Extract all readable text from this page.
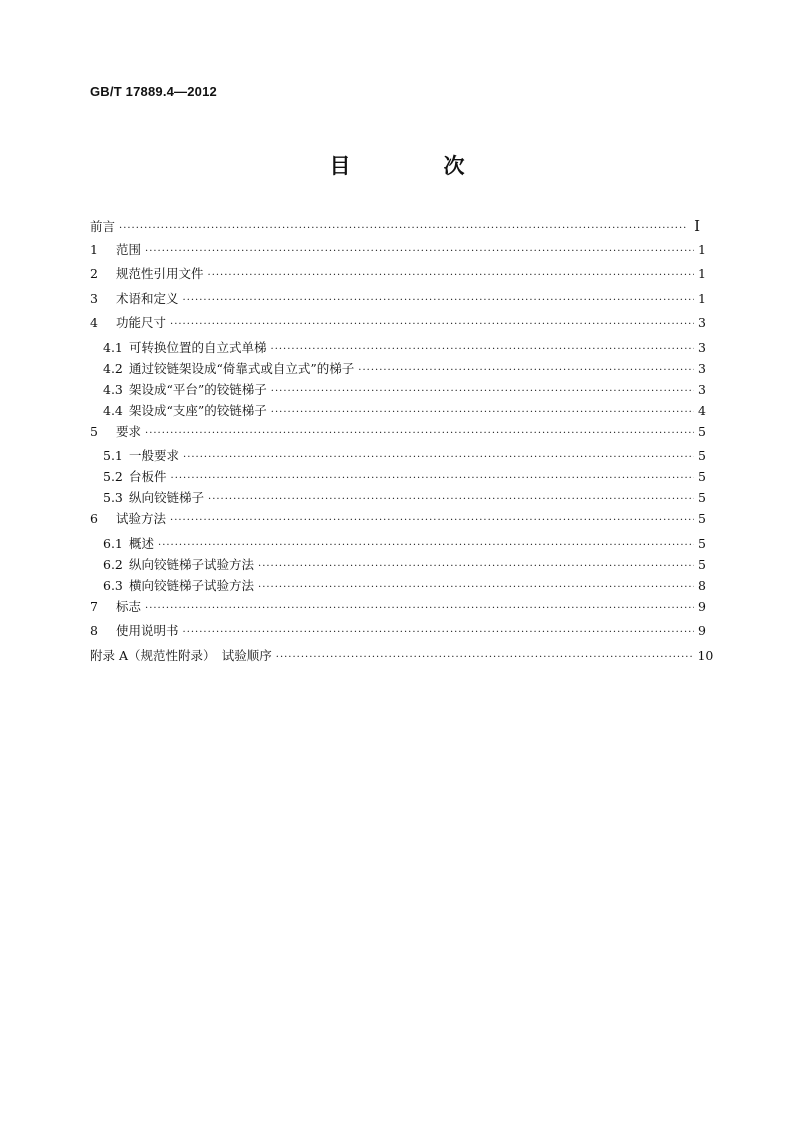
GB/T 17889.4—2012
目　次
前言 ·····	Ⅰ
1	范围 ·····	1
2	规范性引用文件 ·····	1
3	术语和定义 ·····	1
4	功能尺寸 ·····	3
4.1 可转换位置的自立式单梯 ·····	3
4.2 通过铰链架设成“倚靠式或自立式”的梯子 ·····	3
4.3 架设成“平台”的铰链梯子 ·····	3
4.4 架设成“支座”的铰链梯子 ·····	4
5	要求 ·····	5
5.1 一般要求 ·····	5
5.2 台板件 ·····	5
5.3 纵向铰链梯子 ·····	5
6	试验方法 ·····	5
6.1 概述 ·····	5
6.2 纵向铰链梯子试验方法 ·····	5
6.3 横向铰链梯子试验方法 ·····	8
7	标志 ·····	9
8	使用说明书 ·····	9
附录 A（规范性附录）　试验顺序 ·····	10
